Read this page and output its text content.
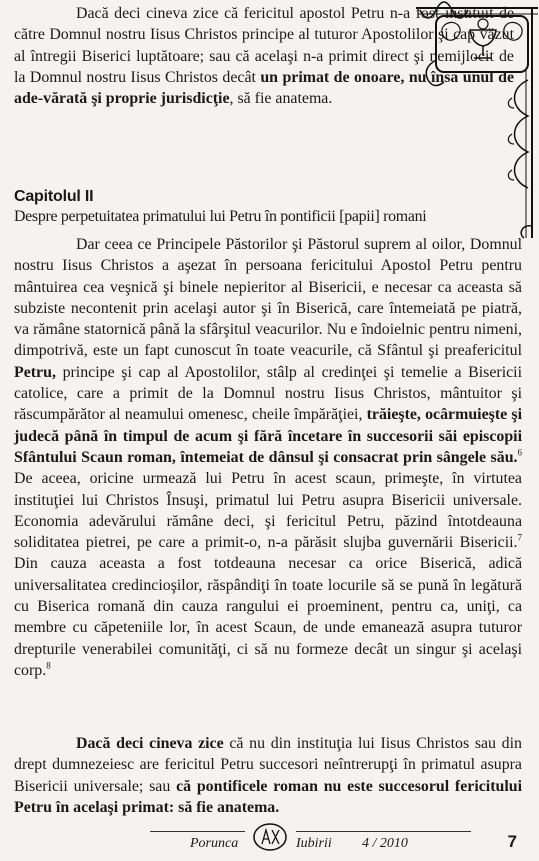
Dacă deci cineva zice că fericitul apostol Petru n-a fost instituit de către Domnul nostru Iisus Christos principe al tuturor Apostolilor şi cap văzut al întregii Biserici luptătoare; sau că acelaşi n-a primit direct şi nemijlocit de la Domnul nostru Iisus Christos decât un primat de onoare, nu însă unul de ade-vărată şi proprie jurisdicţie, să fie anatema.

Capitolul II

Despre perpetuitatea primatului lui Petru în pontificii [papii] romani

Dar ceea ce Principele Păstorilor şi Păstorul suprem al oilor, Domnul nostru Iisus Christos a aşezat în persoana fericitului Apostol Petru pentru mântuirea cea veşnică şi binele nepieritor al Bisericii, e necesar ca aceasta să subziste necontenit prin acelaşi autor şi în Biserică, care întemeiată pe piatră, va rămâne statornică până la sfârşitul veacurilor. Nu e îndoielnic pentru nimeni, dimpotrivă, este un fapt cunoscut în toate veacurile, că Sfântul şi preafericitul Petru, principe şi cap al Apostolilor, stâlp al credinţei şi temelie a Bisericii catolice, care a primit de la Domnul nostru Iisus Christos, mântuitor şi răscumpărător al neamului omenesc, cheile împărăţiei, trăieşte, ocârmuieşte şi judecă până în timpul de acum şi fără încetare în succesorii săi episcopii Sfântului Scaun roman, întemeiat de dânsul şi consacrat prin sângele său.$^6$ De aceea, oricine urmează lui Petru în acest scaun, primeşte, în virtutea instituţiei lui Christos Însuşi, primatul lui Petru asupra Bisericii universale. Economia adevărului rămâne deci, şi fericitul Petru, păzind întotdeauna soliditatea pietrei, pe care a primit-o, n-a părăsit slujba guvernării Bisericii.$^7$ Din cauza aceasta a fost totdeauna necesar ca orice Biserică, adică universalitatea credincioşilor, răspândiţi în toate locurile să se pună în legătură cu Biserica romană din cauza rangului ei proeminent, pentru ca, uniţi, ca membre cu căpeteniile lor, în acest Scaun, de unde emanează asupra tuturor drepturile venerabilei comunităţi, ci să nu formeze decât un singur şi acelaşi corp.$^8$

Dacă deci cineva zice că nu din instituţia lui Iisus Christos sau din drept dumnezeiesc are fericitul Petru succesori neîntrerupţi în primatul asupra Bisericii universale; sau că pontificele roman nu este succesorul fericitului Petru în acelaşi primat: să fie anatema.

Porunca	Iubirii 4 / 2010	7
